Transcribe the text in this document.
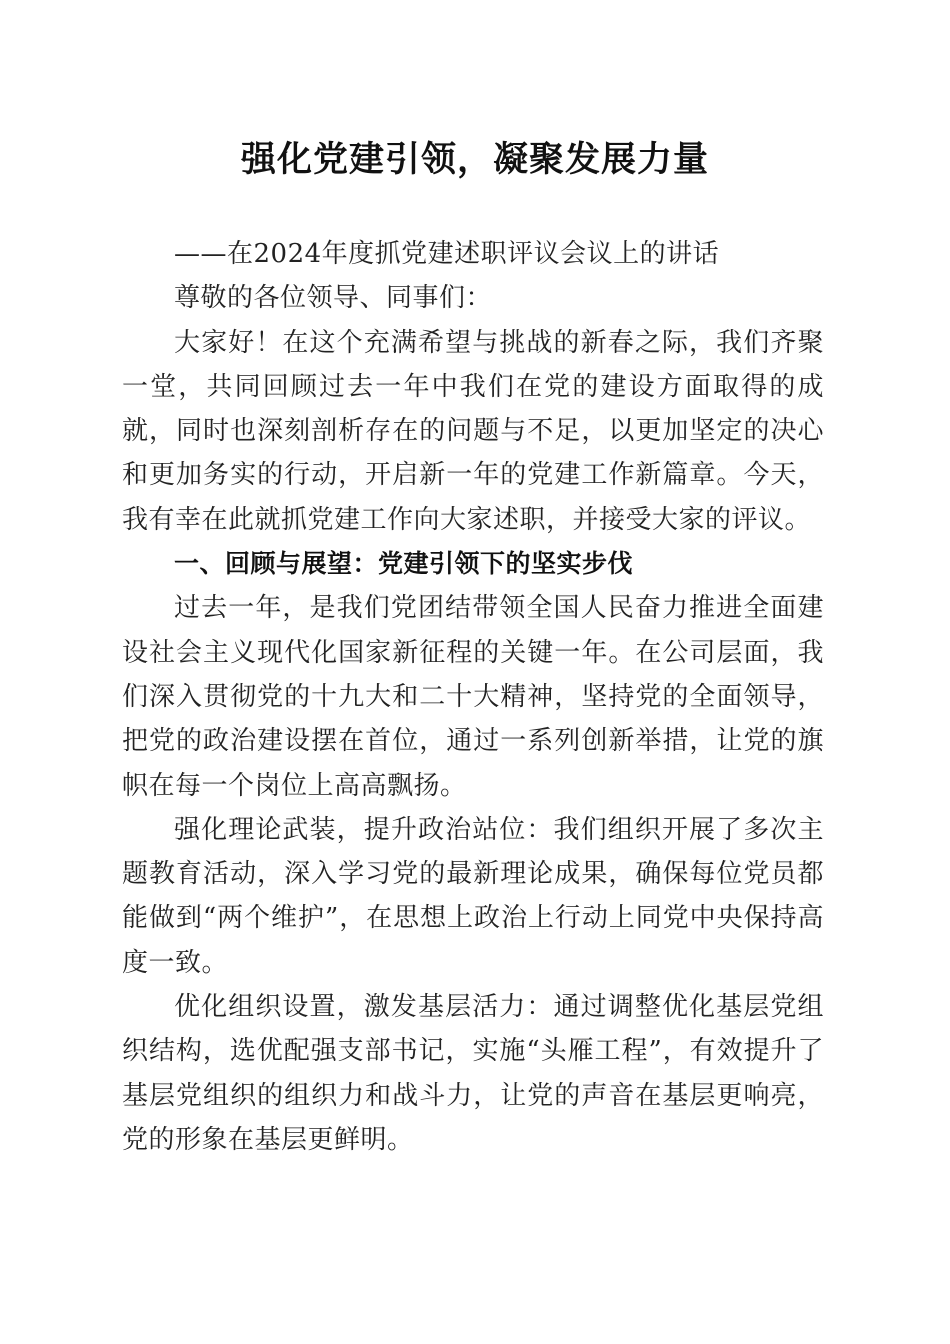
强化党建引领，凝聚发展力量

——在2024年度抓党建述职评议会议上的讲话

尊敬的各位领导、同事们：

大家好！在这个充满希望与挑战的新春之际，我们齐聚一堂，共同回顾过去一年中我们在党的建设方面取得的成就，同时也深刻剖析存在的问题与不足，以更加坚定的决心和更加务实的行动，开启新一年的党建工作新篇章。今天，我有幸在此就抓党建工作向大家述职，并接受大家的评议。

一、回顾与展望：党建引领下的坚实步伐

过去一年，是我们党团结带领全国人民奋力推进全面建设社会主义现代化国家新征程的关键一年。在公司层面，我们深入贯彻党的十九大和二十大精神，坚持党的全面领导，把党的政治建设摆在首位，通过一系列创新举措，让党的旗帜在每一个岗位上高高飘扬。

强化理论武装，提升政治站位：我们组织开展了多次主题教育活动，深入学习党的最新理论成果，确保每位党员都能做到“两个维护”，在思想上政治上行动上同党中央保持高度一致。

优化组织设置，激发基层活力：通过调整优化基层党组织结构，选优配强支部书记，实施“头雁工程”，有效提升了基层党组织的组织力和战斗力，让党的声音在基层更响亮，党的形象在基层更鲜明。
